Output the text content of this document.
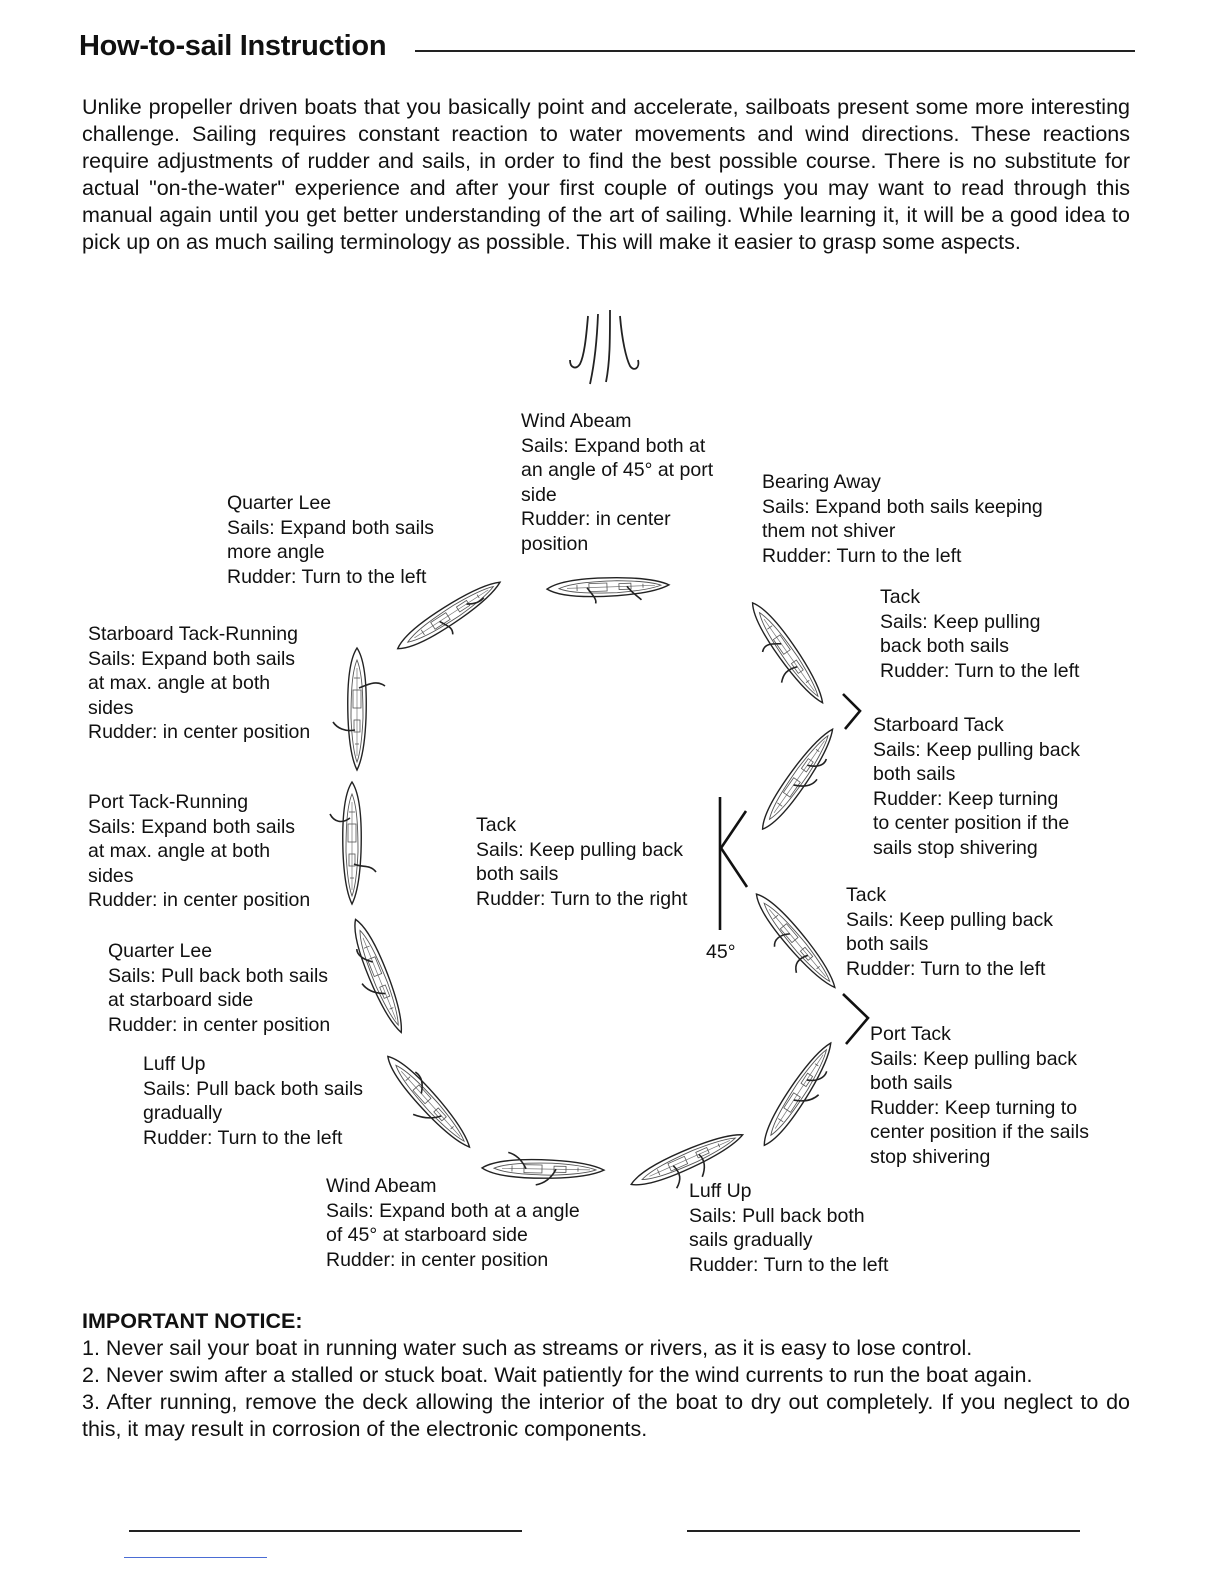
How-to-sail Instruction

Unlike propeller driven boats that you basically point and accelerate, sailboats present some more interesting challenge. Sailing requires constant reaction to water movements and wind directions. These reactions require adjustments of rudder and sails, in order to find the best possible course. There is no substitute for actual "on-the-water" experience and after your first couple of outings you may want to read through this manual again until you get better understanding of the art of sailing. While learning it, it will be a good idea to pick up on as much sailing terminology as possible. This will make it easier to grasp some aspects.

45°
Wind Abeam
Sails: Expand both at
an angle of 45° at port
side
Rudder: in center
position
Bearing Away
Sails: Expand both sails keeping
them not shiver
Rudder: Turn to the left
Quarter Lee
Sails: Expand both sails
more angle
Rudder: Turn to the left
Tack
Sails: Keep pulling
back both sails
Rudder: Turn to the left
Starboard Tack-Running
Sails: Expand both sails
at max. angle at both
sides
Rudder: in center position	Starboard Tack
Sails: Keep pulling back
both sails
Rudder: Keep turning
to center position if the
sails stop shivering
Port Tack-Running
Sails: Expand both sails
at max. angle at both
sides
Rudder: in center position
Tack
Sails: Keep pulling back
both sails
Rudder: Turn to the right	Tack
Sails: Keep pulling back
both sails
Rudder: Turn to the left
Quarter Lee
Sails: Pull back both sails
at starboard side
Rudder: in center position	Port Tack
Sails: Keep pulling back
both sails
Rudder: Keep turning to
center position if the sails
stop shivering
Luff Up
Sails: Pull back both sails
gradually
Rudder: Turn to the left
Wind Abeam
Sails: Expand both at a angle
of 45° at starboard side
Rudder: in center position
Luff Up
Sails: Pull back both
sails gradually
Rudder: Turn to the left
IMPORTANT NOTICE:

1. Never sail your boat in running water such as streams or rivers, as it is easy to lose control.

2. Never swim after a stalled or stuck boat. Wait patiently for the wind currents to run the boat again.

3. After running, remove the deck allowing the interior of the boat to dry out completely. If you neglect to do this, it may result in corrosion of the electronic components.
